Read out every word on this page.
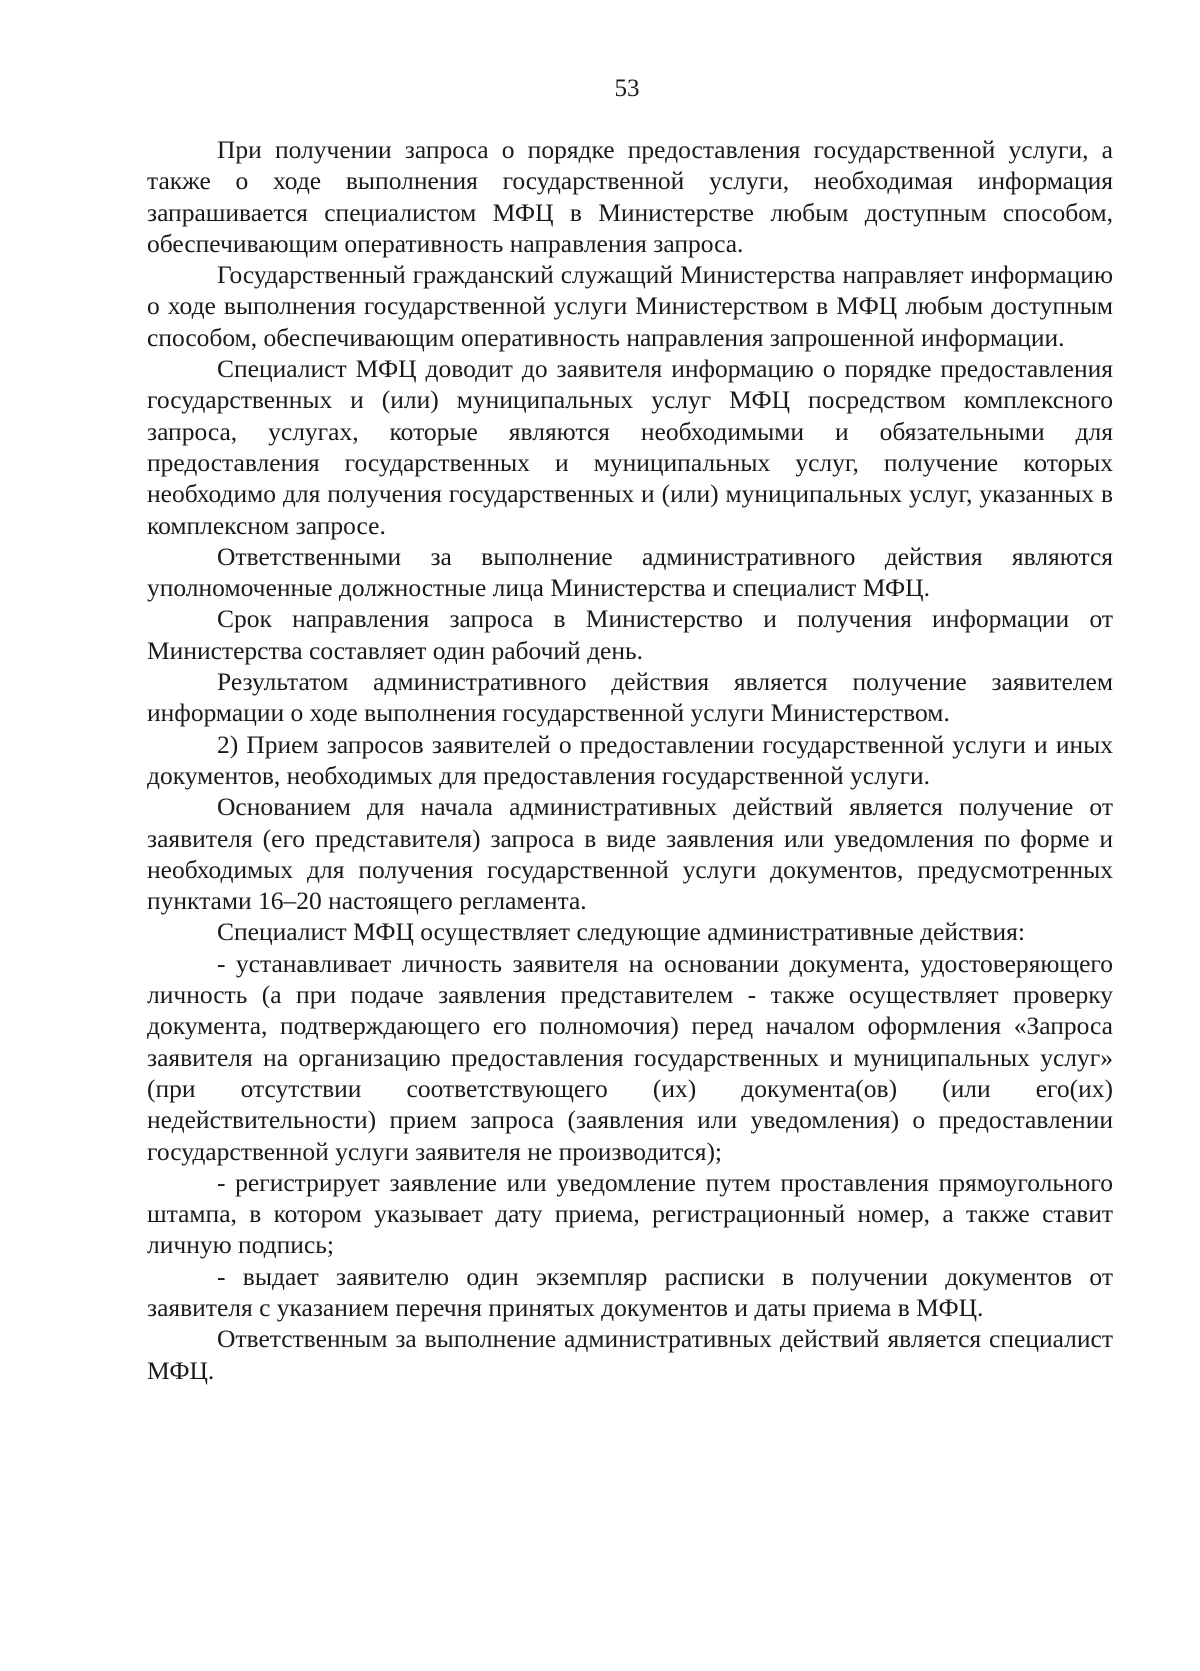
53

При получении запроса о порядке предоставления государственной услуги, а также о ходе выполнения государственной услуги, необходимая информация запрашивается специалистом МФЦ в Министерстве любым доступным способом, обеспечивающим оперативность направления запроса.

Государственный гражданский служащий Министерства направляет информацию о ходе выполнения государственной услуги Министерством в МФЦ любым доступным способом, обеспечивающим оперативность направления запрошенной информации.

Специалист МФЦ доводит до заявителя информацию о порядке предоставления государственных и (или) муниципальных услуг МФЦ посредством комплексного запроса, услугах, которые являются необходимыми и обязательными для предоставления государственных и муниципальных услуг, получение которых необходимо для получения государственных и (или) муниципальных услуг, указанных в комплексном запросе.

Ответственными за выполнение административного действия являются уполномоченные должностные лица Министерства и специалист МФЦ.

Срок направления запроса в Министерство и получения информации от Министерства составляет один рабочий день.

Результатом административного действия является получение заявителем информации о ходе выполнения государственной услуги Министерством.

2) Прием запросов заявителей о предоставлении государственной услуги и иных документов, необходимых для предоставления государственной услуги.

Основанием для начала административных действий является получение от заявителя (его представителя) запроса в виде заявления или уведомления по форме и необходимых для получения государственной услуги документов, предусмотренных пунктами 16–20 настоящего регламента.

Специалист МФЦ осуществляет следующие административные действия:

- устанавливает личность заявителя на основании документа, удостоверяющего личность (а при подаче заявления представителем - также осуществляет проверку документа, подтверждающего его полномочия) перед началом оформления «Запроса заявителя на организацию предоставления государственных и муниципальных услуг» (при отсутствии соответствующего (их) документа(ов) (или его(их) недействительности) прием запроса (заявления или уведомления) о предоставлении государственной услуги заявителя не производится);

- регистрирует заявление или уведомление путем проставления прямоугольного штампа, в котором указывает дату приема, регистрационный номер, а также ставит личную подпись;

- выдает заявителю один экземпляр расписки в получении документов от заявителя с указанием перечня принятых документов и даты приема в МФЦ.

Ответственным за выполнение административных действий является специалист МФЦ.
